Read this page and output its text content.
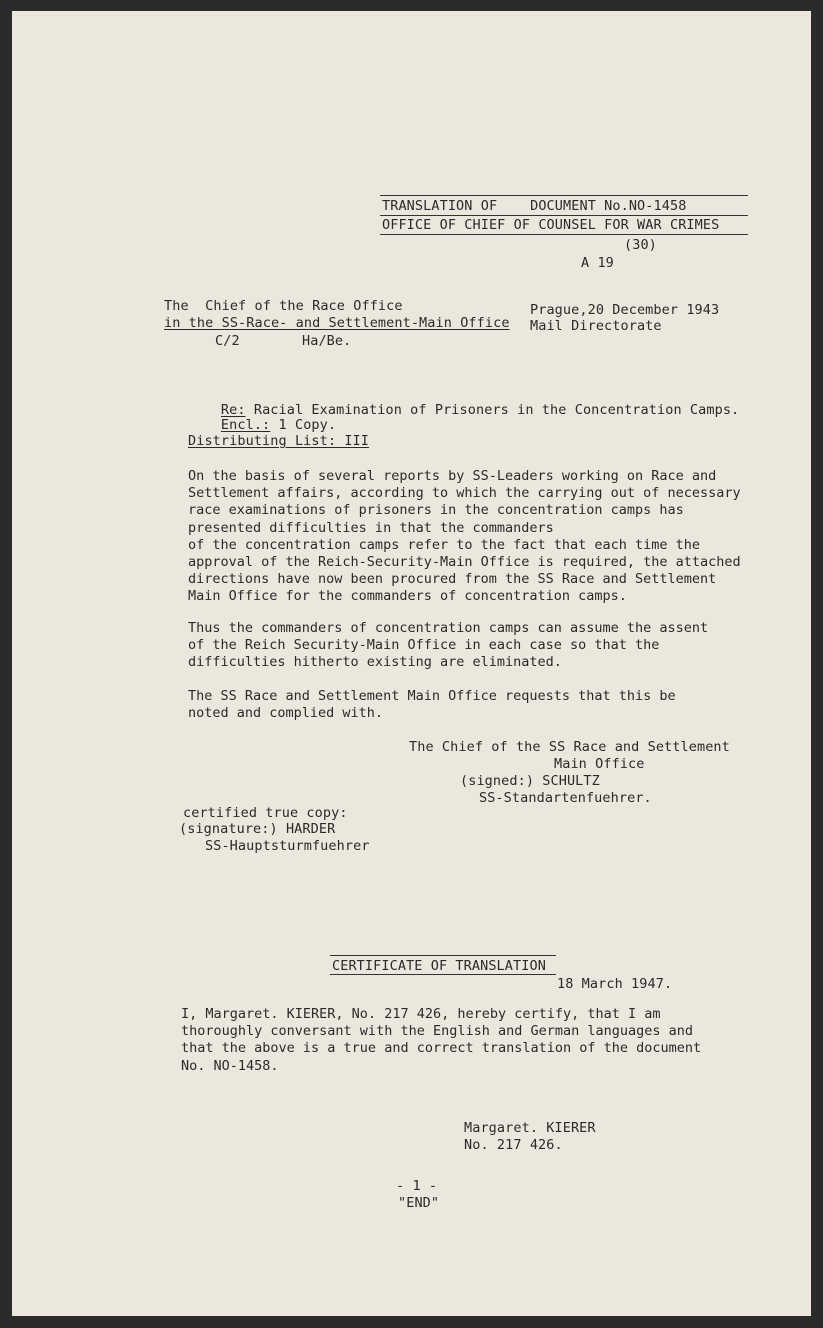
TRANSLATION OF    DOCUMENT No.NO-1458
OFFICE OF CHIEF OF COUNSEL FOR WAR CRIMES
(30)
A 19
The  Chief of the Race Office
in the SS-Race- and Settlement-Main Office
C/2	Ha/Be.
Prague,20 December 1943
Mail Directorate

Re: Racial Examination of Prisoners in the Concentration Camps.

Encl.: 1 Copy.

Distributing List: III
On the basis of several reports by SS-Leaders working on Race and
Settlement affairs, according to which the carrying out of necessary
race examinations of prisoners in the concentration camps has
presented difficulties in that the commanders
of the concentration camps refer to the fact that each time the
approval of the Reich-Security-Main Office is required, the attached
directions have now been procured from the SS Race and Settlement
Main Office for the commanders of concentration camps.
Thus the commanders of concentration camps can assume the assent
of the Reich Security-Main Office in each case so that the
difficulties hitherto existing are eliminated.
The SS Race and Settlement Main Office requests that this be
noted and complied with.
The Chief of the SS Race and Settlement
Main Office
(signed:) SCHULTZ
SS-Standartenfuehrer.
certified true copy:
(signature:) HARDER
SS-Hauptsturmfuehrer
CERTIFICATE OF TRANSLATION
18 March 1947.
I, Margaret. KIERER, No. 217 426, hereby certify, that I am
thoroughly conversant with the English and German languages and
that the above is a true and correct translation of the document
No. NO-1458.
Margaret. KIERER
No. 217 426.
- 1 -
"END"
